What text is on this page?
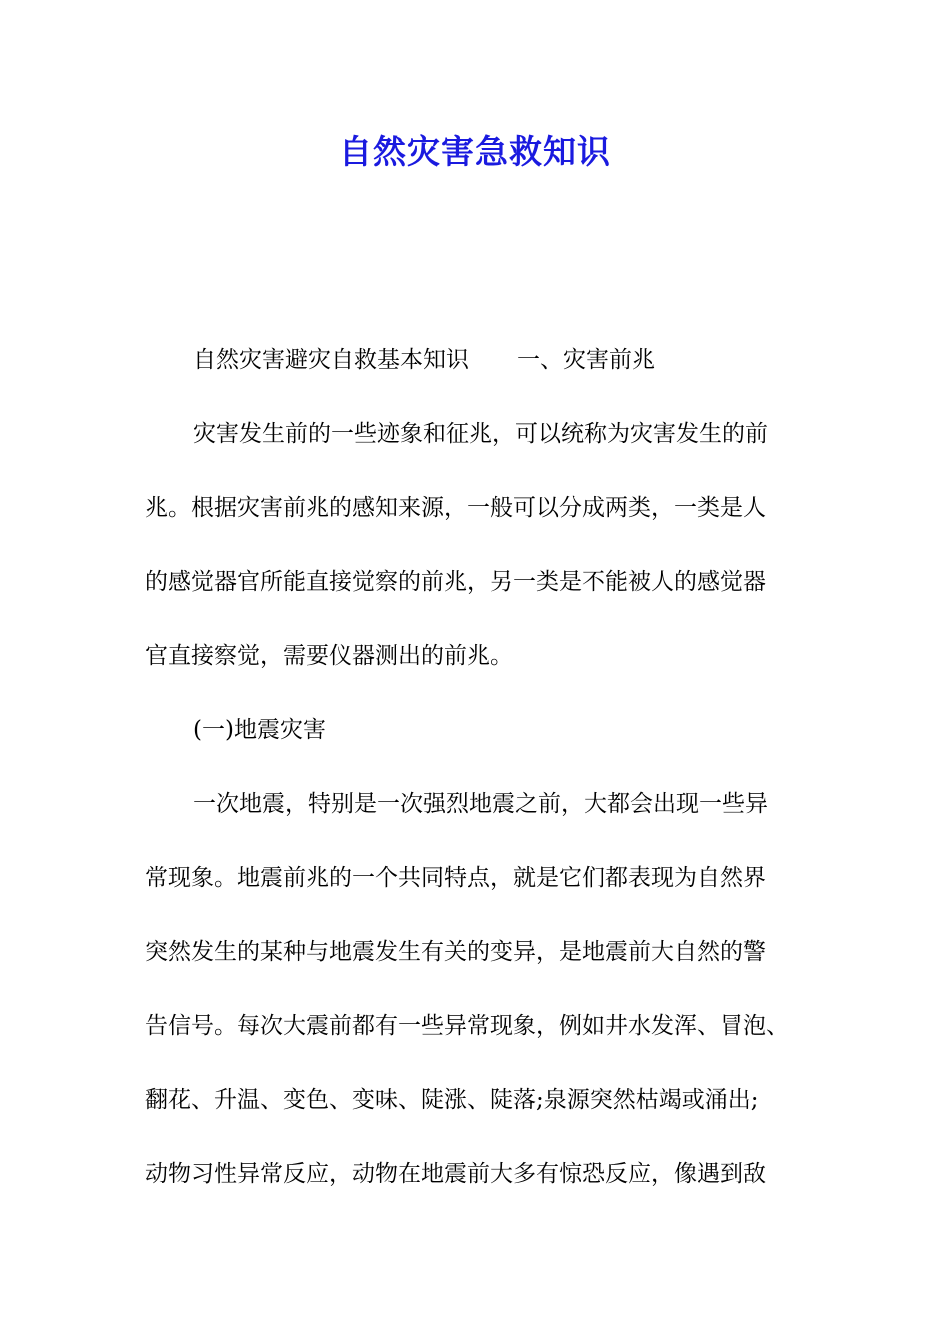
自然灾害急救知识
自然灾害避灾自救基本知识 一、灾害前兆
灾害发生前的一些迹象和征兆，可以统称为灾害发生的前
兆。根据灾害前兆的感知来源，一般可以分成两类，一类是人
的感觉器官所能直接觉察的前兆，另一类是不能被人的感觉器
官直接察觉，需要仪器测出的前兆。
(一)地震灾害
一次地震，特别是一次强烈地震之前，大都会出现一些异
常现象。地震前兆的一个共同特点，就是它们都表现为自然界
突然发生的某种与地震发生有关的变异，是地震前大自然的警
告信号。每次大震前都有一些异常现象，例如井水发浑、冒泡、
翻花、升温、变色、变味、陡涨、陡落;泉源突然枯竭或涌出;
动物习性异常反应，动物在地震前大多有惊恐反应，像遇到敌
